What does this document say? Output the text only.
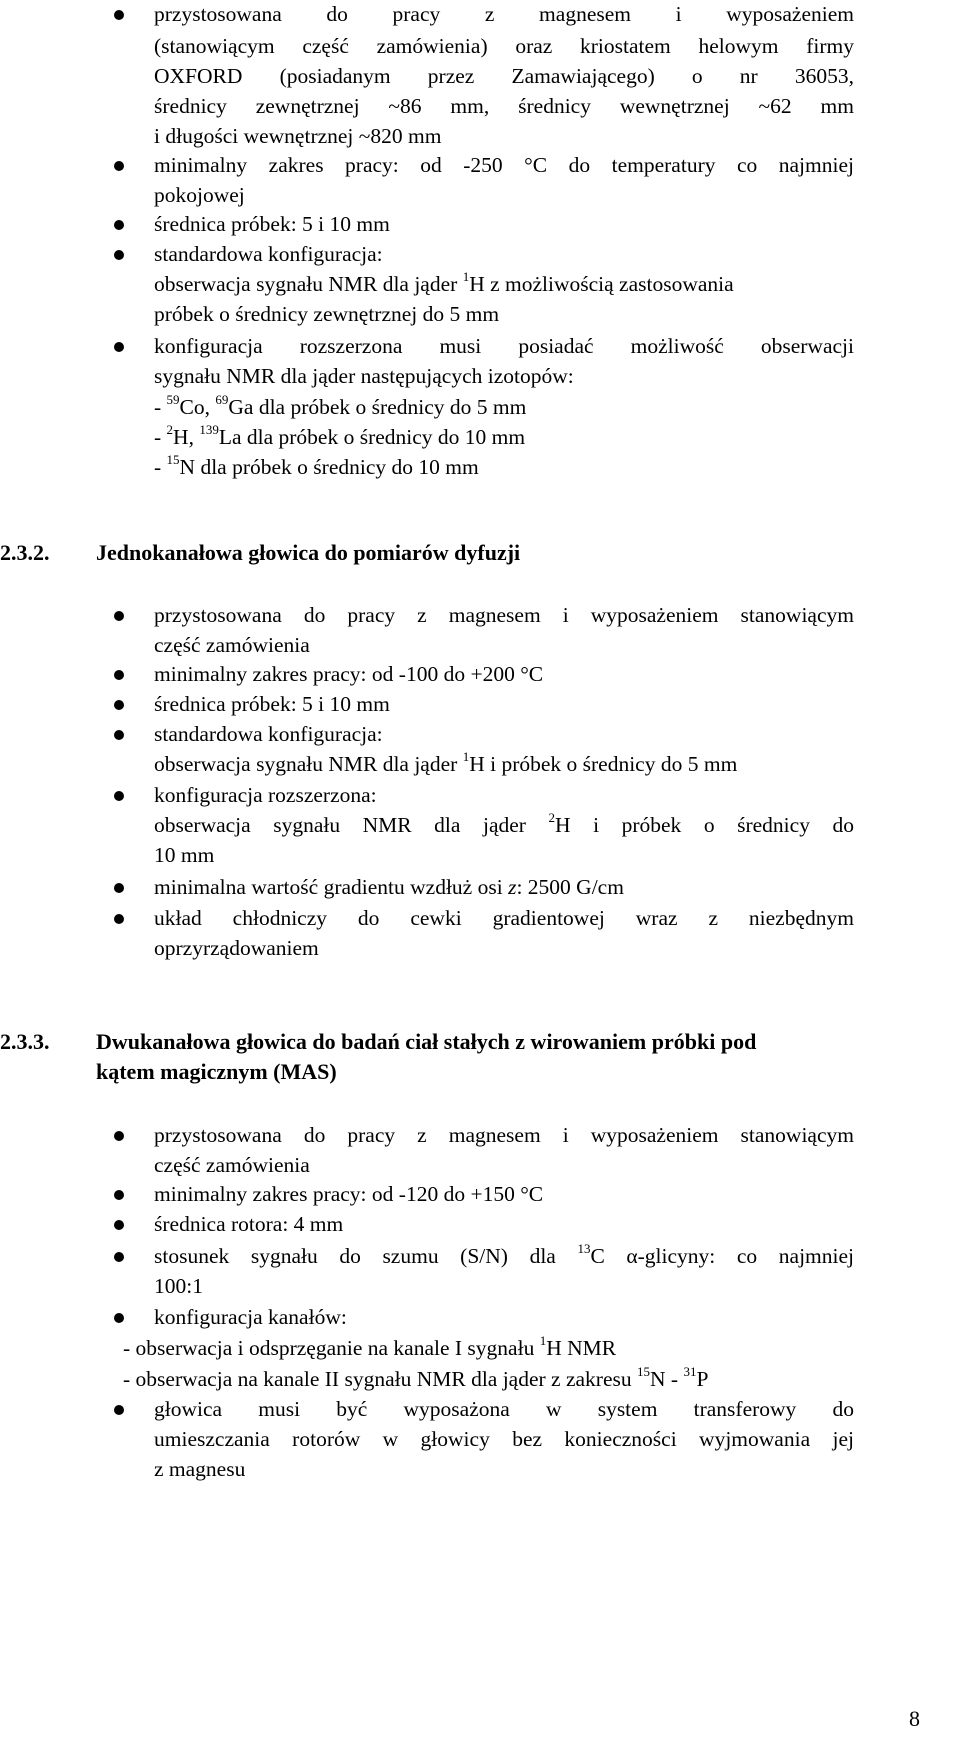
przystosowana do pracy z magnesem i wyposażeniem
(stanowiącym część zamówienia) oraz kriostatem helowym firmy
OXFORD (posiadanym przez Zamawiającego) o nr 36053,
średnicy zewnętrznej ~86 mm, średnicy wewnętrznej ~62 mm
i długości wewnętrznej ~820 mm
minimalny zakres pracy: od -250 °C do temperatury co najmniej
pokojowej
średnica próbek: 5 i 10 mm
standardowa konfiguracja:
obserwacja sygnału NMR dla jąder $^1$H z możliwością zastosowania
próbek o średnicy zewnętrznej do 5 mm
konfiguracja rozszerzona musi posiadać możliwość obserwacji
sygnału NMR dla jąder następujących izotopów:
- $^{59}$Co, $^{69}$Ga dla próbek o średnicy do 5 mm
- $^2$H, $^{139}$La dla próbek o średnicy do 10 mm
- $^{15}$N dla próbek o średnicy do 10 mm
2.3.2. Jednokanałowa głowica do pomiarów dyfuzji
przystosowana do pracy z magnesem i wyposażeniem stanowiącym
część zamówienia
minimalny zakres pracy: od -100 do +200 °C
średnica próbek: 5 i 10 mm
standardowa konfiguracja:
obserwacja sygnału NMR dla jąder $^1$H i próbek o średnicy do 5 mm
konfiguracja rozszerzona:
obserwacja sygnału NMR dla jąder $^2$H i próbek o średnicy do
10 mm
minimalna wartość gradientu wzdłuż osi z: 2500 G/cm
układ chłodniczy do cewki gradientowej wraz z niezbędnym
oprzyrządowaniem
2.3.3. Dwukanałowa głowica do badań ciał stałych z wirowaniem próbki pod
kątem magicznym (MAS)
przystosowana do pracy z magnesem i wyposażeniem stanowiącym
część zamówienia
minimalny zakres pracy: od -120 do +150 °C
średnica rotora: 4 mm
stosunek sygnału do szumu (S/N) dla $^{13}$C α-glicyny: co najmniej
100:1
konfiguracja kanałów:
- obserwacja i odsprzęganie na kanale I sygnału $^1$H NMR
- obserwacja na kanale II sygnału NMR dla jąder z zakresu $^{15}$N - $^{31}$P
głowica musi być wyposażona w system transferowy do
umieszczania rotorów w głowicy bez konieczności wyjmowania jej
z magnesu
8
